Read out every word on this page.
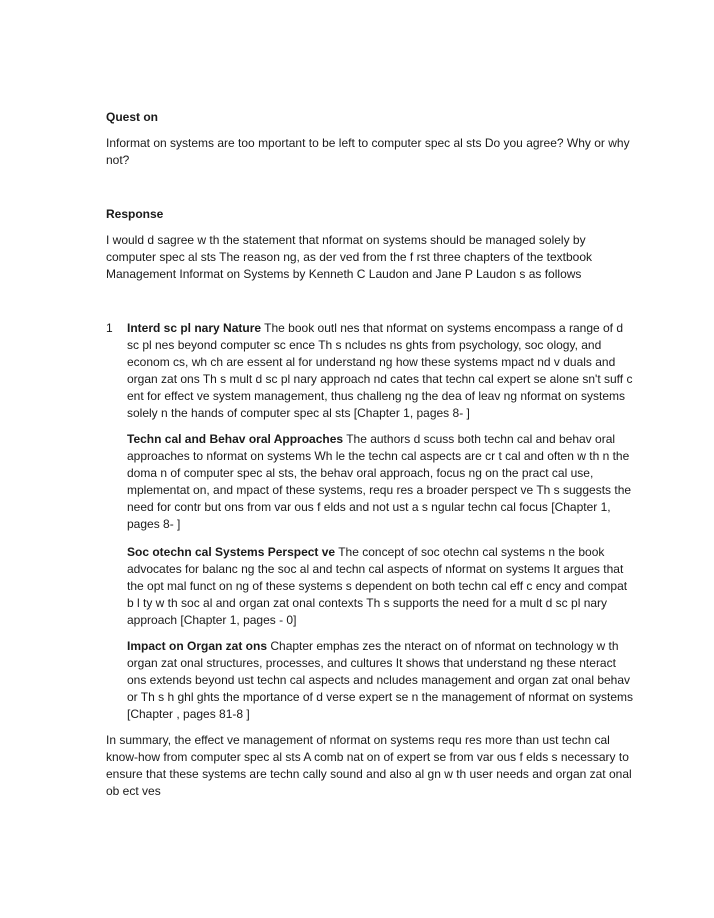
Quest on

Informat on systems are too mportant to be left to computer spec al sts Do you agree? Why or why not?

Response

I would d sagree w th the statement that nformat on systems should be managed solely by computer spec al sts The reason ng, as der ved from the f rst three chapters of the textbook Management Informat on Systems by Kenneth C Laudon and Jane P Laudon s as follows

1 Interd sc pl nary Nature The book outl nes that nformat on systems encompass a range of d sc pl nes beyond computer sc ence Th s ncludes ns ghts from psychology, soc ology, and econom cs, wh ch are essent al for understand ng how these systems mpact nd v duals and organ zat ons Th s mult d sc pl nary approach nd cates that techn cal expert se alone sn't suff c ent for effect ve system management, thus challeng ng the dea of leav ng nformat on systems solely n the hands of computer spec al sts [Chapter 1, pages 8- ]

Techn cal and Behav oral Approaches The authors d scuss both techn cal and behav oral approaches to nformat on systems Wh le the techn cal aspects are cr t cal and often w th n the doma n of computer spec al sts, the behav oral approach, focus ng on the pract cal use, mplementat on, and mpact of these systems, requ res a broader perspect ve Th s suggests the need for contr but ons from var ous f elds and not ust a s ngular techn cal focus [Chapter 1, pages 8- ]

Soc otechn cal Systems Perspect ve The concept of soc otechn cal systems n the book advocates for balanc ng the soc al and techn cal aspects of nformat on systems It argues that the opt mal funct on ng of these systems s dependent on both techn cal eff c ency and compat b l ty w th soc al and organ zat onal contexts Th s supports the need for a mult d sc pl nary approach [Chapter 1, pages - 0]

Impact on Organ zat ons Chapter emphas zes the nteract on of nformat on technology w th organ zat onal structures, processes, and cultures It shows that understand ng these nteract ons extends beyond ust techn cal aspects and ncludes management and organ zat onal behav or Th s h ghl ghts the mportance of d verse expert se n the management of nformat on systems [Chapter , pages 81-8 ]

In summary, the effect ve management of nformat on systems requ res more than ust techn cal know-how from computer spec al sts A comb nat on of expert se from var ous f elds s necessary to ensure that these systems are techn cally sound and also al gn w th user needs and organ zat onal ob ect ves
